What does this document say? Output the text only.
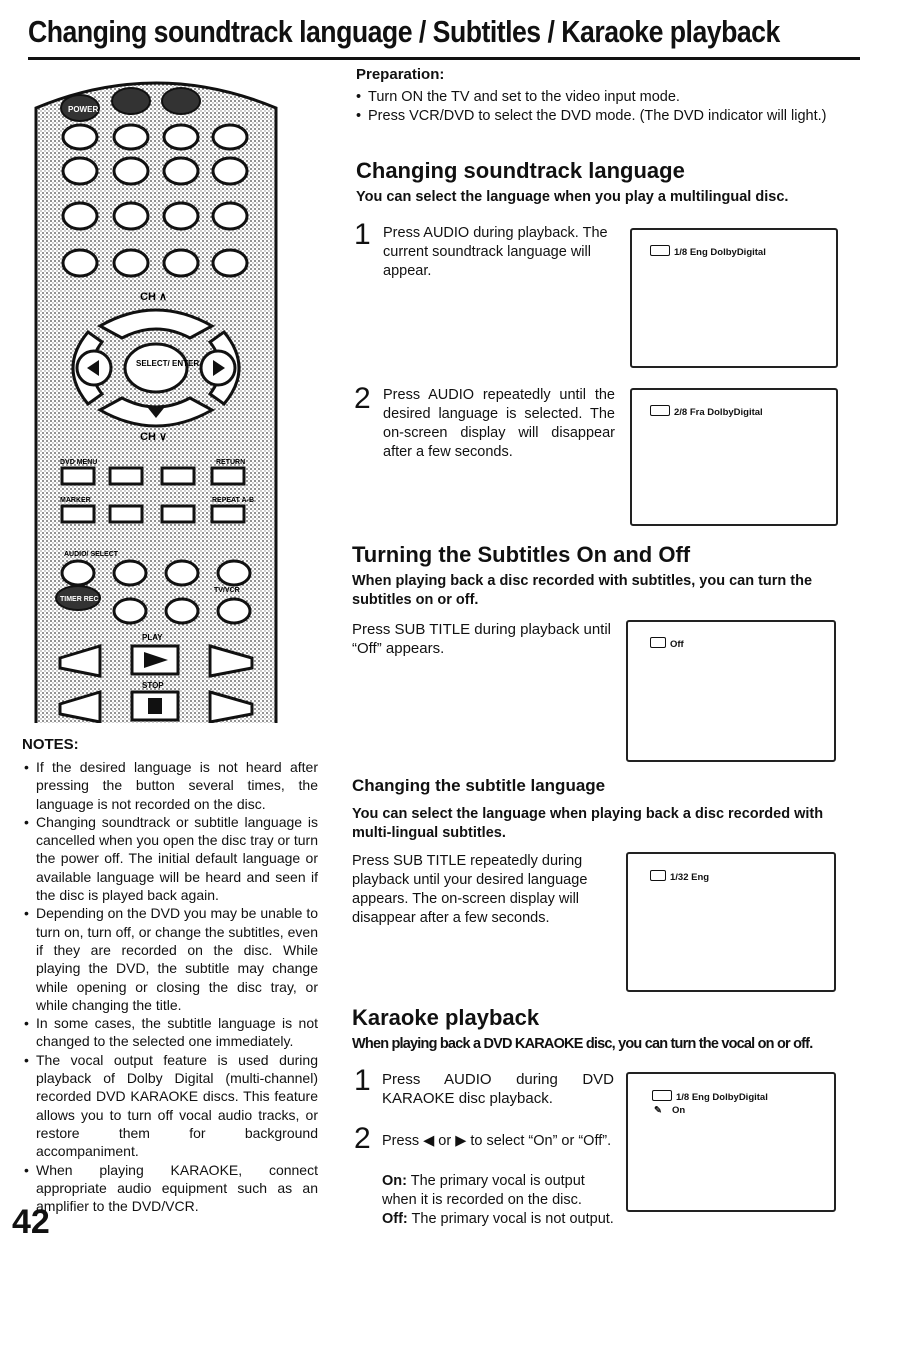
Changing soundtrack language / Subtitles / Karaoke playback
POWER
CH ∧
SELECT/ ENTER
CH ∨
DVD MENU	RETURN
MARKER	REPEAT A-B
TIMER REC
AUDIO/ SELECT
TV/VCR
PLAY
STOP
Preparation:
• Turn ON the TV and set to the video input mode.
• Press VCR/DVD to select the DVD mode. (The DVD indicator will light.)
Changing soundtrack language
You can select the language when you play a multilingual disc.
1 Press AUDIO during playback. The current soundtrack language will appear.
1/8 Eng DolbyDigital
2 Press AUDIO repeatedly until the desired language is selected. The on-screen display will disappear after a few seconds.
2/8 Fra DolbyDigital
Turning the Subtitles On and Off
When playing back a disc recorded with subtitles, you can turn the subtitles on or off.
Press SUB TITLE during playback until “Off” appears.	Off
Changing the subtitle language
You can select the language when playing back a disc recorded with multi-lingual subtitles.
Press SUB TITLE repeatedly during playback until your desired language appears. The on-screen display will disappear after a few seconds.
1/32 Eng
Karaoke playback
When playing back a DVD KARAOKE disc, you can turn the vocal on or off.
1 Press AUDIO during DVD KARAOKE disc playback.
2 Press ◀ or ▶ to select “On” or “Off”.
On: The primary vocal is output when it is recorded on the disc.
Off: The primary vocal is not output.
1/8 Eng DolbyDigital
✎ On
NOTES:
• If the desired language is not heard after pressing the button several times, the language is not recorded on the disc.
• Changing soundtrack or subtitle language is cancelled when you open the disc tray or turn the power off. The initial default language or available language will be heard and seen if the disc is played back again.
• Depending on the DVD you may be unable to turn on, turn off, or change the subtitles, even if they are recorded on the disc. While playing the DVD, the subtitle may change while opening or closing the disc tray, or while changing the title.
• In some cases, the subtitle language is not changed to the selected one immediately.
• The vocal output feature is used during playback of Dolby Digital (multi-channel) recorded DVD KARAOKE discs. This feature allows you to turn off vocal audio tracks, or restore them for background accompaniment.
• When playing KARAOKE, connect appropriate audio equipment such as an amplifier to the DVD/VCR.
42
